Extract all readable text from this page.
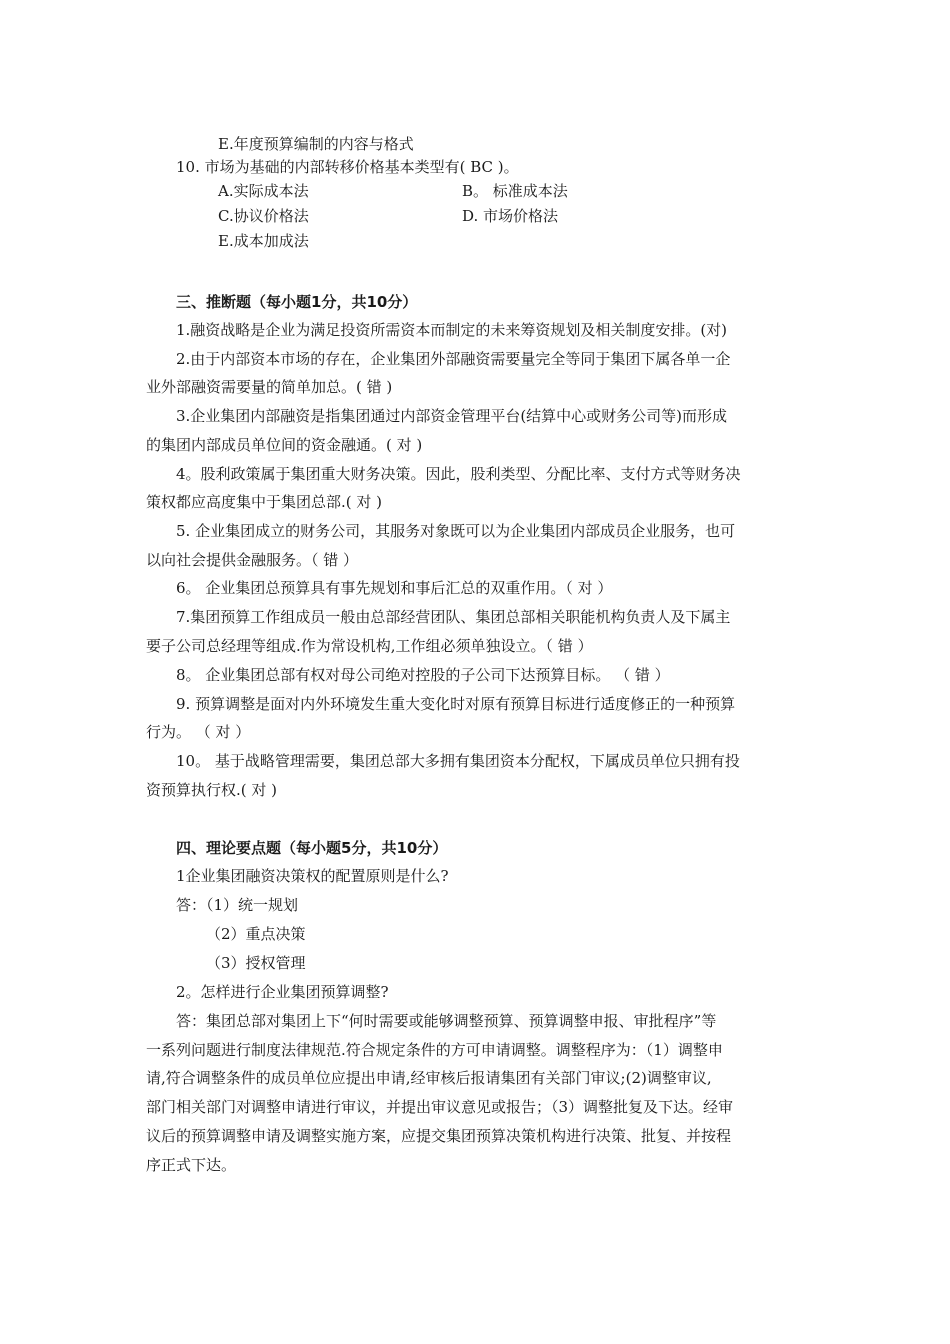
E.年度预算编制的内容与格式
10. 市场为基础的内部转移价格基本类型有( BC )。
A.实际成本法	B。 标准成本法
C.协议价格法	D. 市场价格法
E.成本加成法
三、推断题（每小题1分，共10分）
1.融资战略是企业为满足投资所需资本而制定的未来筹资规划及相关制度安排。(对)
2.由于内部资本市场的存在，企业集团外部融资需要量完全等同于集团下属各单一企
业外部融资需要量的简单加总。( 错 )
3.企业集团内部融资是指集团通过内部资金管理平台(结算中心或财务公司等)而形成
的集团内部成员单位间的资金融通。( 对 )
4。股利政策属于集团重大财务决策。因此，股利类型、分配比率、支付方式等财务决
策权都应高度集中于集团总部.( 对 )
5. 企业集团成立的财务公司，其服务对象既可以为企业集团内部成员企业服务，也可
以向社会提供金融服务。（ 错 ）
6。 企业集团总预算具有事先规划和事后汇总的双重作用。（ 对 ）
7.集团预算工作组成员一般由总部经营团队、集团总部相关职能机构负责人及下属主
要子公司总经理等组成.作为常设机构,工作组必须单独设立。（ 错 ）
8。 企业集团总部有权对母公司绝对控股的子公司下达预算目标。 （ 错 ）
9. 预算调整是面对内外环境发生重大变化时对原有预算目标进行适度修正的一种预算
行为。 （ 对 ）
10。 基于战略管理需要，集团总部大多拥有集团资本分配权，下属成员单位只拥有投
资预算执行权.( 对 )
四、理论要点题（每小题5分，共10分）
1企业集团融资决策权的配置原则是什么?
答：（1）统一规划
（2）重点决策
（3）授权管理
2。怎样进行企业集团预算调整?
答：集团总部对集团上下“何时需要或能够调整预算、预算调整申报、审批程序”等
一系列问题进行制度法律规范.符合规定条件的方可申请调整。调整程序为：（1）调整申
请,符合调整条件的成员单位应提出申请,经审核后报请集团有关部门审议;(2)调整审议,
部门相关部门对调整申请进行审议，并提出审议意见或报告；（3）调整批复及下达。经审
议后的预算调整申请及调整实施方案，应提交集团预算决策机构进行决策、批复、并按程
序正式下达。
